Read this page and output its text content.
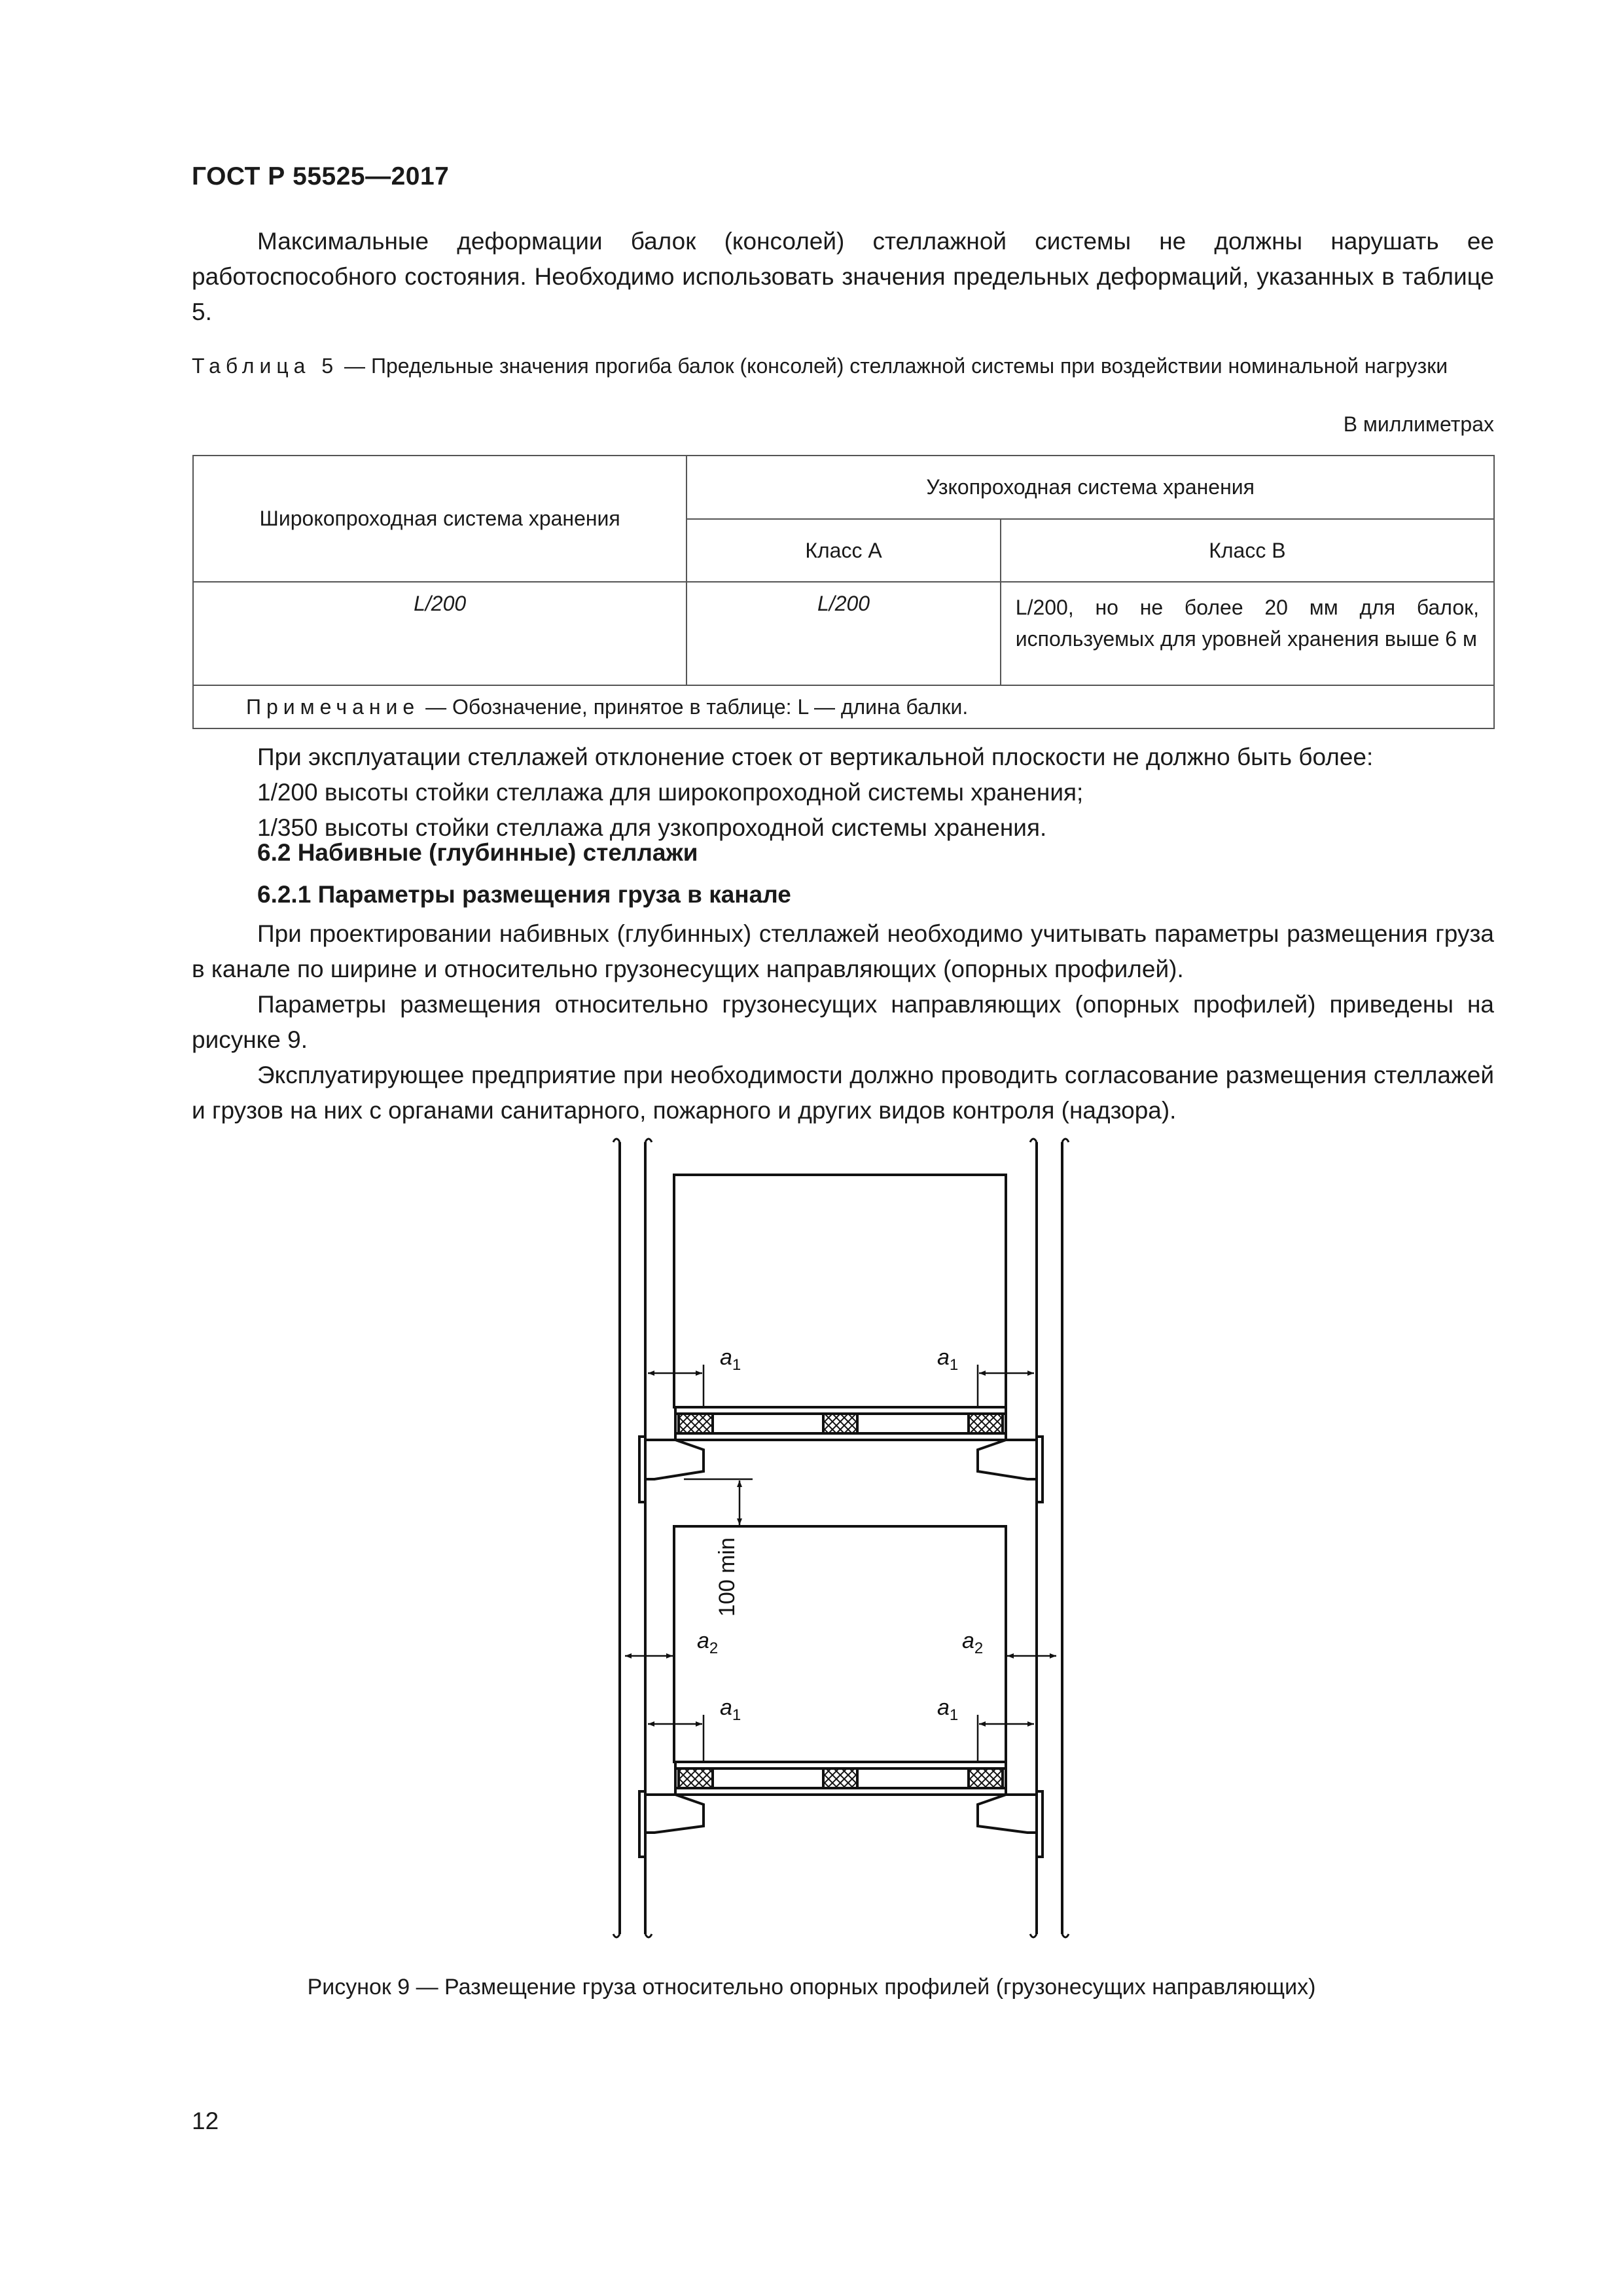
ГОСТ Р 55525—2017
Максимальные деформации балок (консолей) стеллажной системы не должны нарушать ее работоспособного состояния. Необходимо использовать значения предельных деформаций, указанных в таблице 5.
Таблица 5 — Предельные значения прогиба балок (консолей) стеллажной системы при воздействии номинальной нагрузки
В миллиметрах
Широкопроходная система хранения	Узкопроходная система хранения	
	Класс А	Класс В
L/200	L/200	L/200, но не более 20 мм для балок, используемых для уровней хранения выше 6 м
Примечание — Обозначение, принятое в таблице: L — длина балки.		
При эксплуатации стеллажей отклонение стоек от вертикальной плоскости не должно быть более:
1/200 высоты стойки стеллажа для широкопроходной системы хранения;
1/350 высоты стойки стеллажа для узкопроходной системы хранения.
6.2 Набивные (глубинные) стеллажи
6.2.1 Параметры размещения груза в канале
При проектировании набивных (глубинных) стеллажей необходимо учитывать параметры размещения груза в канале по ширине и относительно грузонесущих направляющих (опорных профилей).
Параметры размещения относительно грузонесущих направляющих (опорных профилей) приведены на рисунке 9.
Эксплуатирующее предприятие при необходимости должно проводить согласование размещения стеллажей и грузов на них с органами санитарного, пожарного и других видов контроля (надзора).
$a_1$	$a_1$
$a_2$	$a_2$
$a_1$	$a_1$
100 min
Рисунок 9 — Размещение груза относительно опорных профилей (грузонесущих направляющих)
12
